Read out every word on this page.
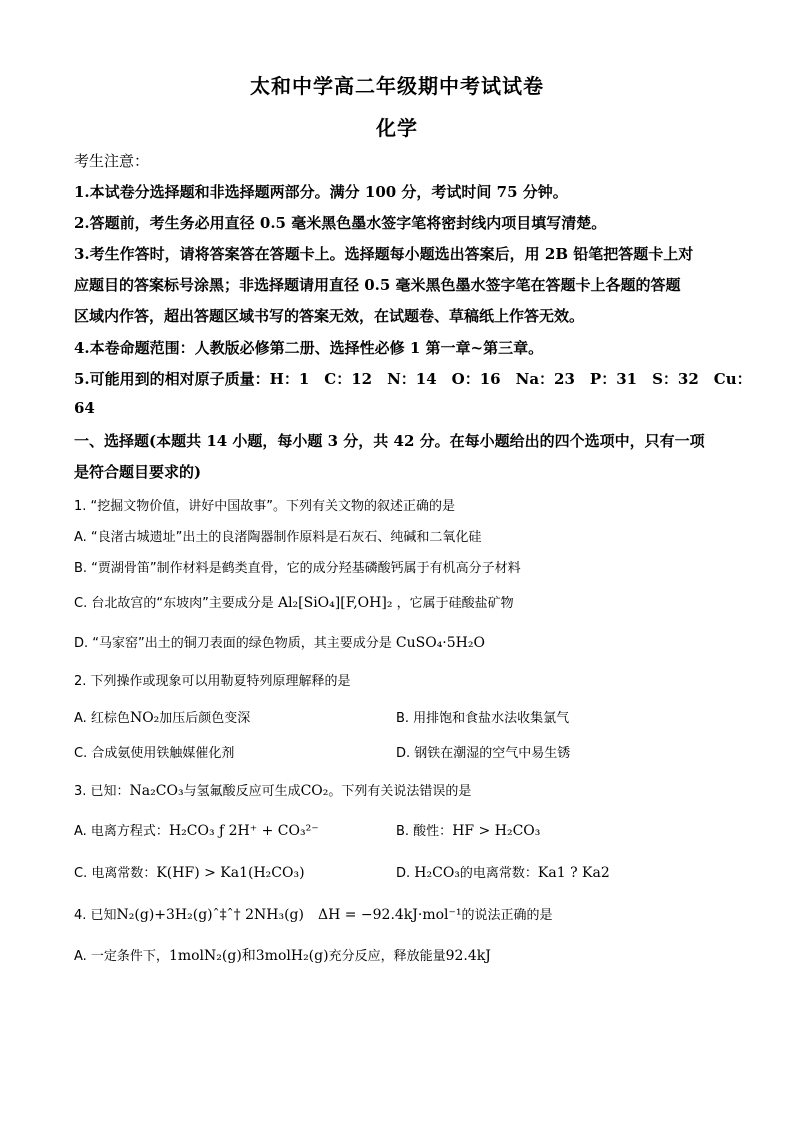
太和中学高二年级期中考试试卷
化学
考生注意：
1.本试卷分选择题和非选择题两部分。满分 100 分，考试时间 75 分钟。
2.答题前，考生务必用直径 0.5 毫米黑色墨水签字笔将密封线内项目填写清楚。
3.考生作答时，请将答案答在答题卡上。选择题每小题选出答案后，用 2B 铅笔把答题卡上对
应题目的答案标号涂黑；非选择题请用直径 0.5 毫米黑色墨水签字笔在答题卡上各题的答题
区域内作答，超出答题区域书写的答案无效，在试题卷、草稿纸上作答无效。
4.本卷命题范围：人教版必修第二册、选择性必修 1 第一章~第三章。
5.可能用到的相对原子质量：H：1　C：12　N：14　O：16　Na：23　P：31　S：32　Cu：
64
一、选择题(本题共 14 小题，每小题 3 分，共 42 分。在每小题给出的四个选项中，只有一项
是符合题目要求的)
1. “挖掘文物价值，讲好中国故事”。下列有关文物的叙述正确的是
A. “良渚古城遗址”出土的良渚陶器制作原料是石灰石、纯碱和二氧化硅
B. “贾湖骨笛”制作材料是鹤类直骨，它的成分羟基磷酸钙属于有机高分子材料
C. 台北故宫的“东坡肉”主要成分是 Al₂[SiO₄][F,OH]₂ ，它属于硅酸盐矿物
D. “马家窑”出土的铜刀表面的绿色物质，其主要成分是 CuSO₄·5H₂O
2. 下列操作或现象可以用勒夏特列原理解释的是
A. 红棕色NO₂加压后颜色变深	B. 用排饱和食盐水法收集氯气
C. 合成氨使用铁触媒催化剂	D. 钢铁在潮湿的空气中易生锈
3. 已知：Na₂CO₃与氢氟酸反应可生成CO₂。下列有关说法错误的是
A. 电离方程式：H₂CO₃ ƒ 2H⁺ + CO₃²⁻	B. 酸性：HF > H₂CO₃
C. 电离常数：K(HF) > Ka1(H₂CO₃)	D. H₂CO₃的电离常数：Ka1 ? Ka2
4. 已知N₂(g)+3H₂(g)ˆ‡ˆ† 2NH₃(g)　ΔH = −92.4kJ·mol⁻¹的说法正确的是
A. 一定条件下，1molN₂(g)和3molH₂(g)充分反应，释放能量92.4kJ
